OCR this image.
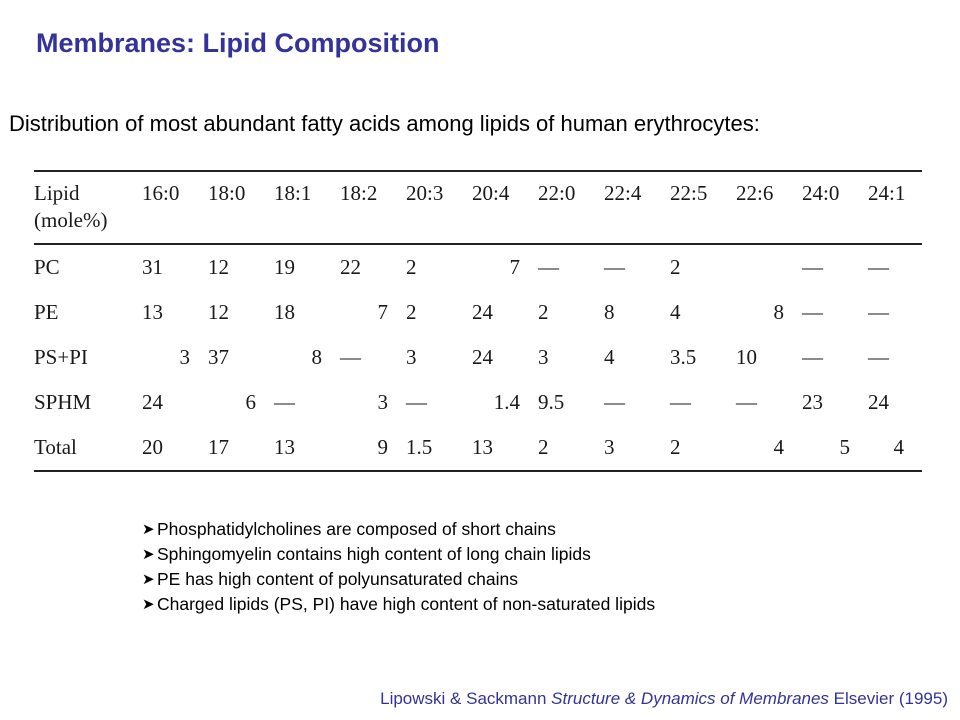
Membranes: Lipid Composition
Distribution of most abundant fatty acids among lipids of human erythrocytes:
Lipid
(mole%)	16:0	18:0	18:1	18:2	20:3	20:4	22:0	22:4	22:5	22:6	24:0	24:1
PC	31	12	19	22	2	7	—	—	2		—	—
PE	13	12	18	7	2	24	2	8	4	8	—	—
PS+PI	3	37	8	—	3	24	3	4	3.5	10	—	—
SPHM	24	6	—	3	—	1.4	9.5	—	—	—	23	24
Total	20	17	13	9	1.5	13	2	3	2	4	5	4
➤ Phosphatidylcholines are composed of short chains
➤ Sphingomyelin contains high content of long chain lipids
➤ PE has high content of polyunsaturated chains
➤ Charged lipids (PS, PI) have high content of non-saturated lipids
Lipowski & Sackmann Structure & Dynamics of Membranes Elsevier (1995)
